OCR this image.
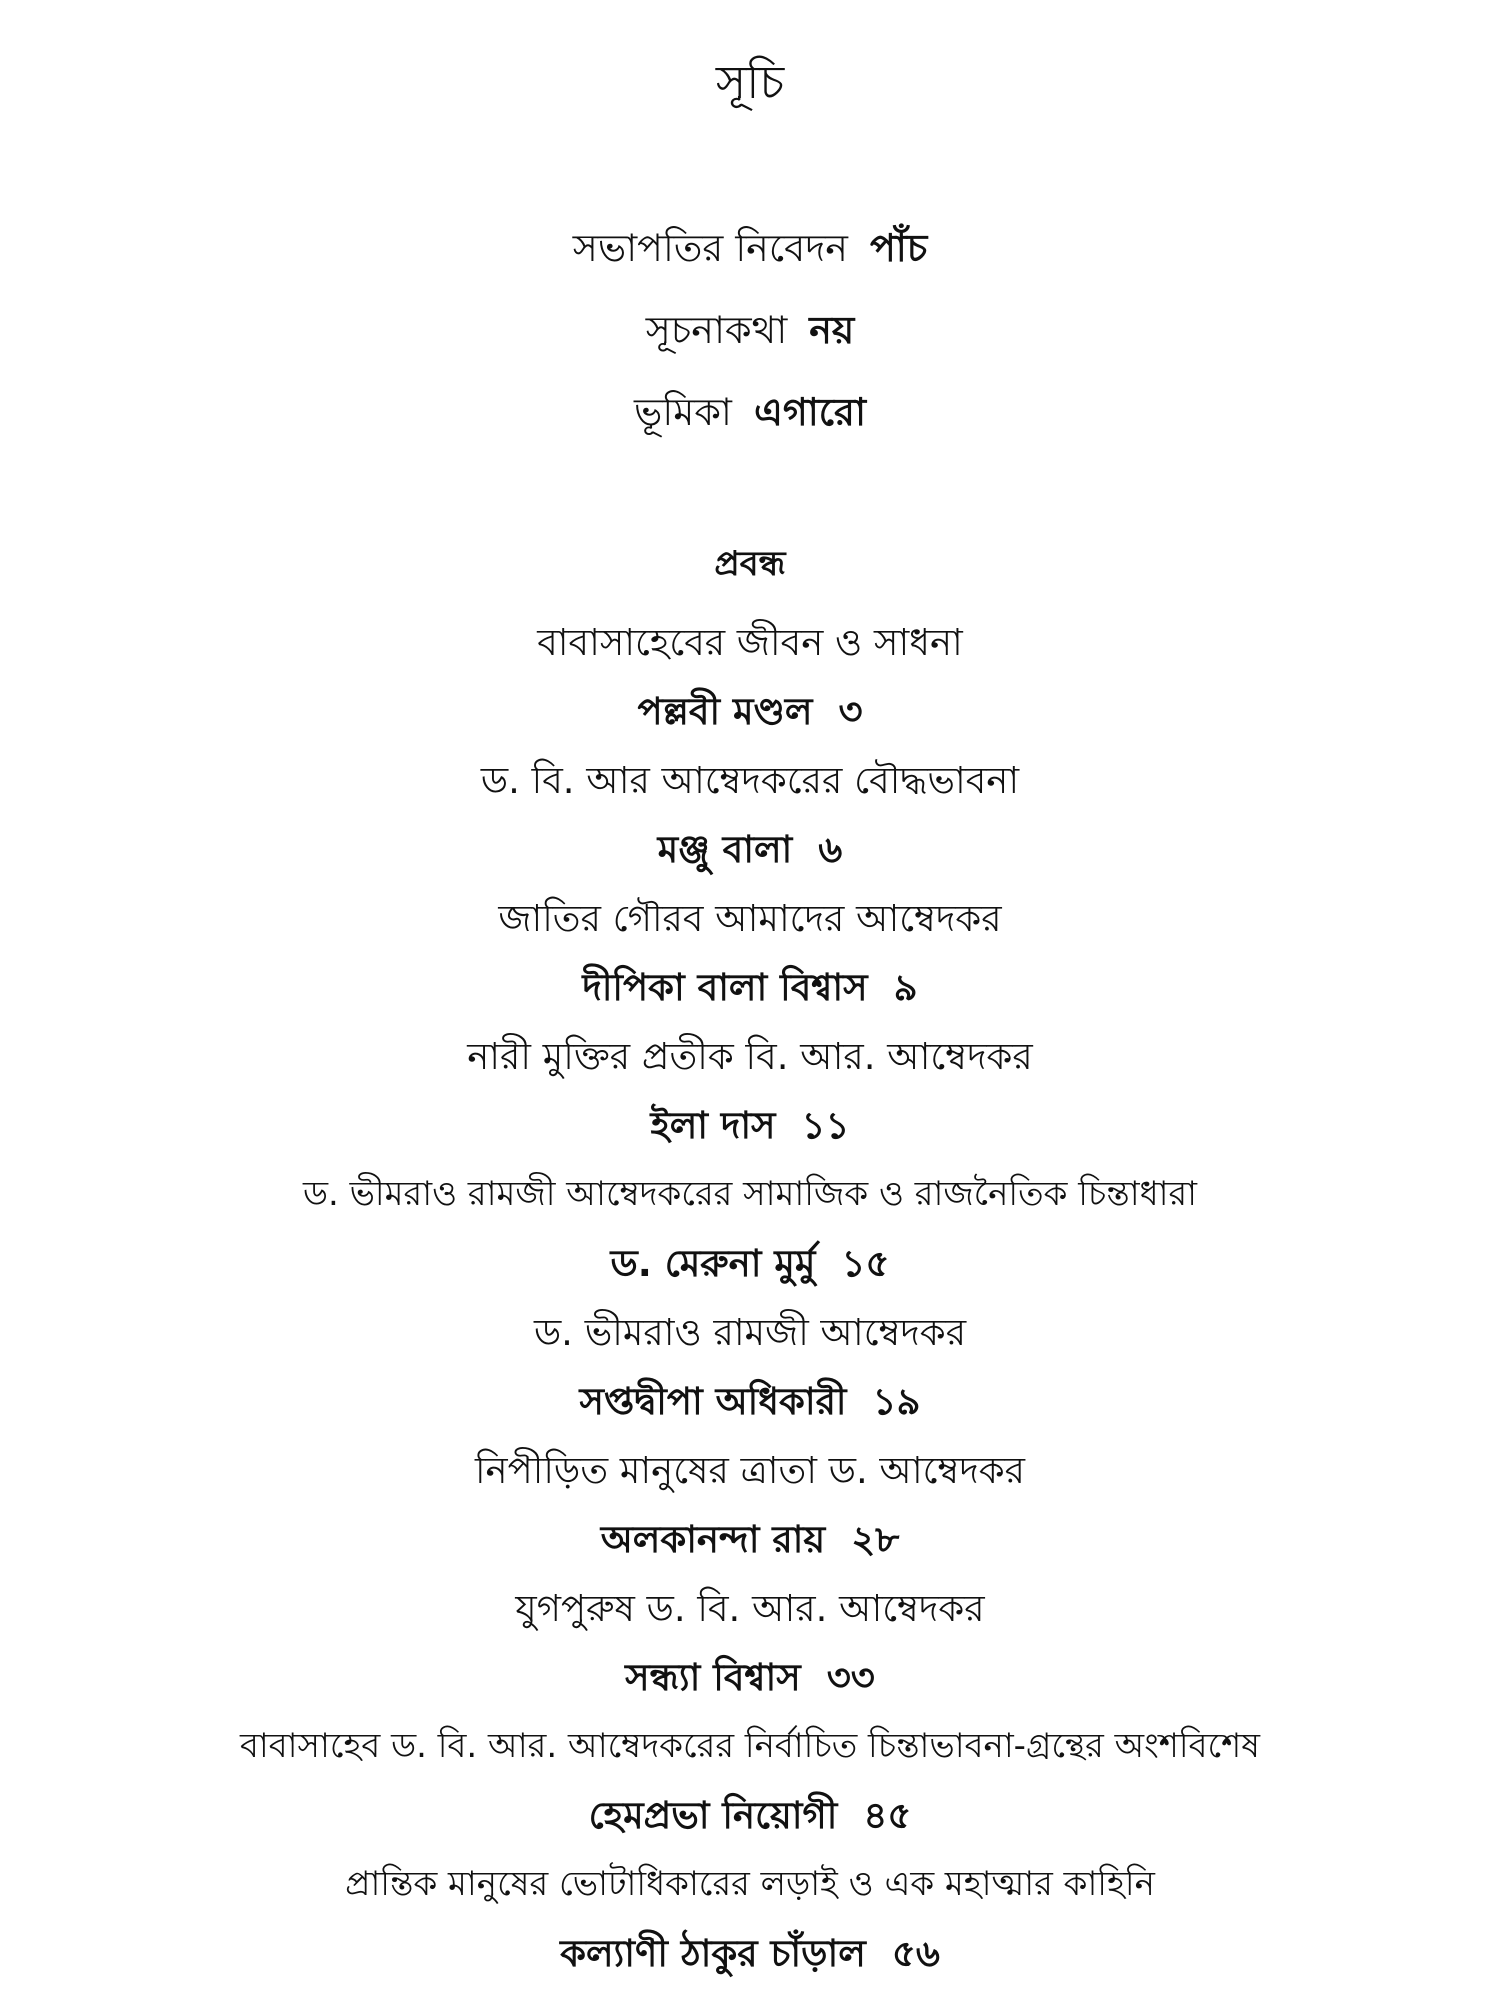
সূচি
সভাপতির নিবেদন পাঁচ
সূচনাকথা নয়
ভূমিকা এগারো
প্রবন্ধ
বাবাসাহেবের জীবন ও সাধনা
পল্লবী মণ্ডল ৩
ড. বি. আর আম্বেদকরের বৌদ্ধভাবনা
মঞ্জু বালা ৬
জাতির গৌরব আমাদের আম্বেদকর
দীপিকা বালা বিশ্বাস ৯
নারী মুক্তির প্রতীক বি. আর. আম্বেদকর
ইলা দাস ১১
ড. ভীমরাও রামজী আম্বেদকরের সামাজিক ও রাজনৈতিক চিন্তাধারা
ড. মেরুনা মুর্মু ১৫
ড. ভীমরাও রামজী আম্বেদকর
সপ্তদ্বীপা অধিকারী ১৯
নিপীড়িত মানুষের ত্রাতা ড. আম্বেদকর
অলকানন্দা রায় ২৮
যুগপুরুষ ড. বি. আর. আম্বেদকর
সন্ধ্যা বিশ্বাস ৩৩
বাবাসাহেব ড. বি. আর. আম্বেদকরের নির্বাচিত চিন্তাভাবনা-গ্রন্থের অংশবিশেষ
হেমপ্রভা নিয়োগী ৪৫
প্রান্তিক মানুষের ভোটাধিকারের লড়াই ও এক মহাত্মার কাহিনি
কল্যাণী ঠাকুর চাঁড়াল ৫৬
